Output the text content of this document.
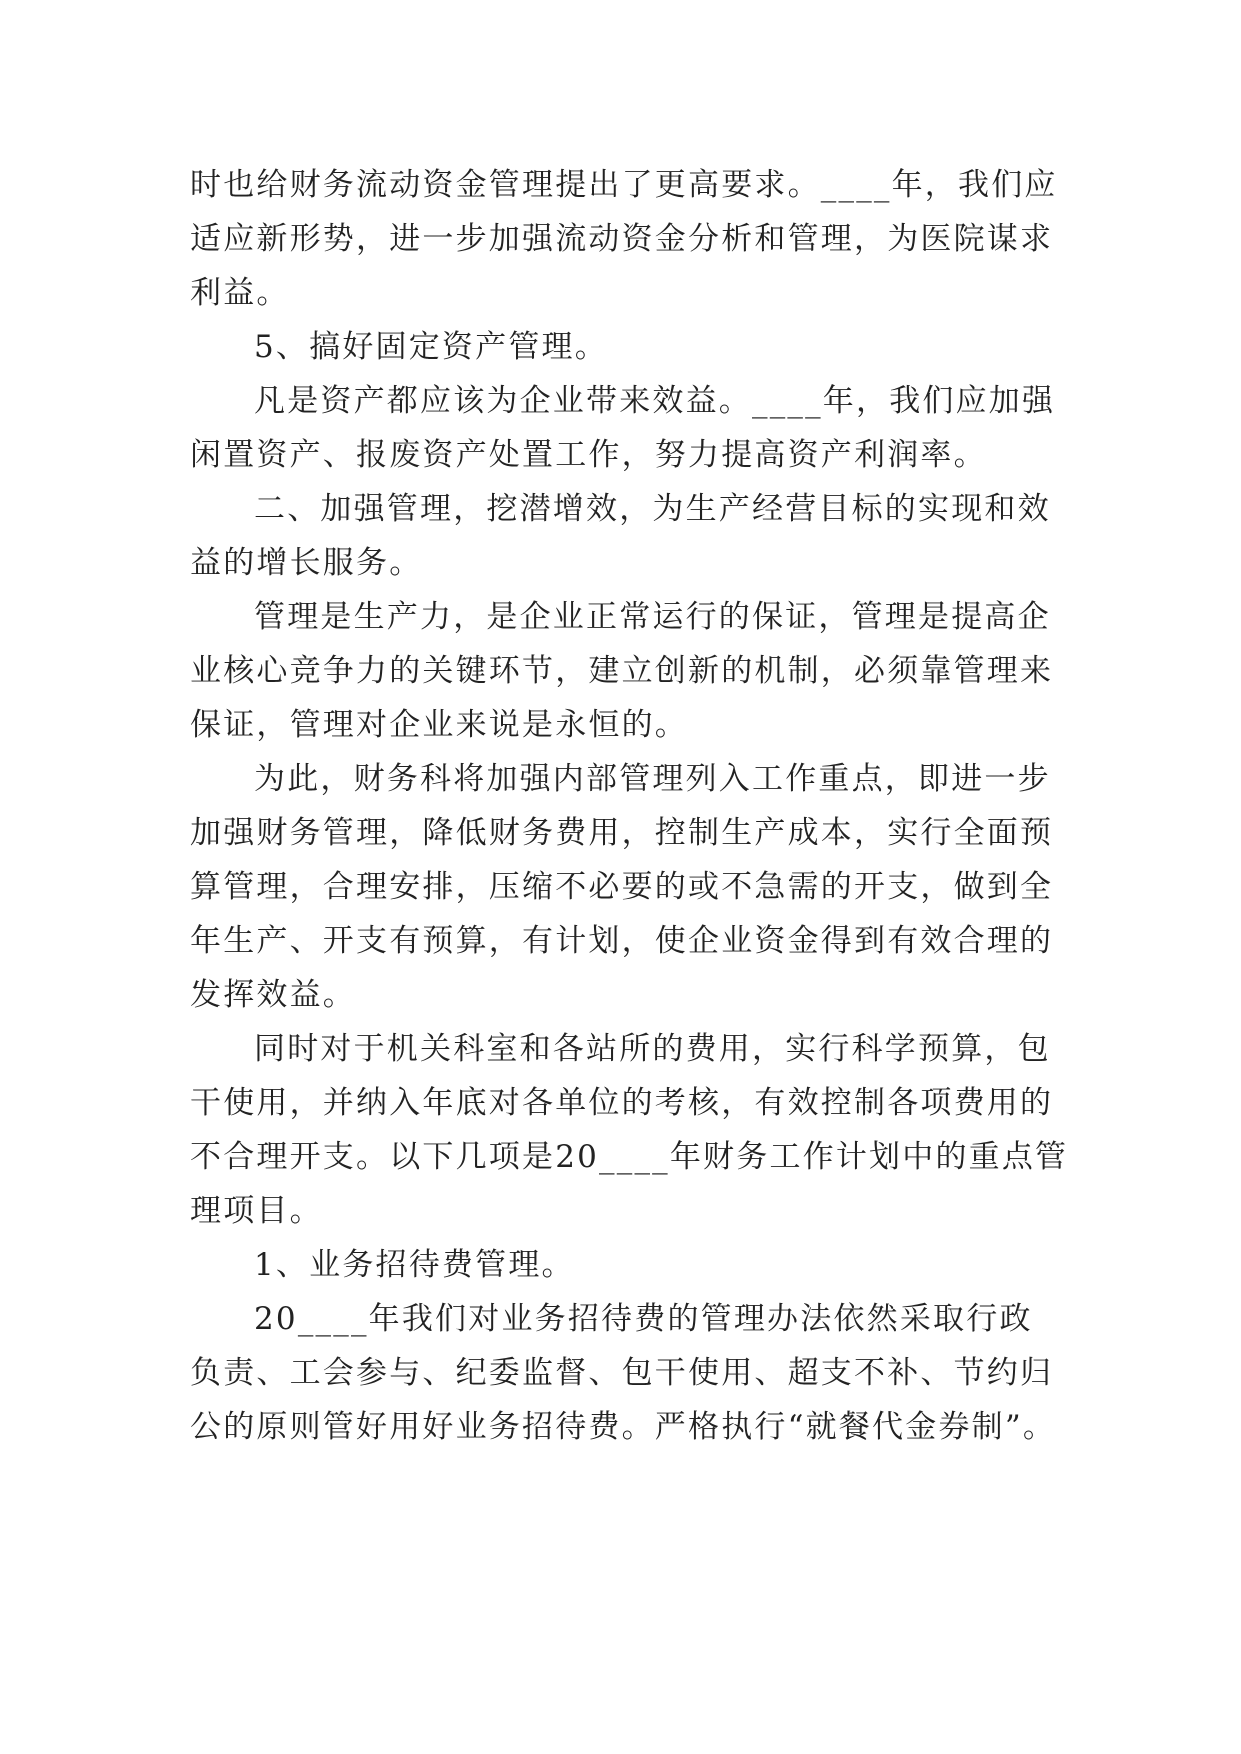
时也给财务流动资金管理提出了更高要求。____年，我们应
适应新形势，进一步加强流动资金分析和管理，为医院谋求
利益。
5、搞好固定资产管理。
凡是资产都应该为企业带来效益。____年，我们应加强
闲置资产、报废资产处置工作，努力提高资产利润率。
二、加强管理，挖潜增效，为生产经营目标的实现和效
益的增长服务。
管理是生产力，是企业正常运行的保证，管理是提高企
业核心竞争力的关键环节，建立创新的机制，必须靠管理来
保证，管理对企业来说是永恒的。
为此，财务科将加强内部管理列入工作重点，即进一步
加强财务管理，降低财务费用，控制生产成本，实行全面预
算管理，合理安排，压缩不必要的或不急需的开支，做到全
年生产、开支有预算，有计划，使企业资金得到有效合理的
发挥效益。
同时对于机关科室和各站所的费用，实行科学预算，包
干使用，并纳入年底对各单位的考核，有效控制各项费用的
不合理开支。以下几项是20____年财务工作计划中的重点管
理项目。
1、业务招待费管理。
20____年我们对业务招待费的管理办法依然采取行政
负责、工会参与、纪委监督、包干使用、超支不补、节约归
公的原则管好用好业务招待费。严格执行“就餐代金券制”。
